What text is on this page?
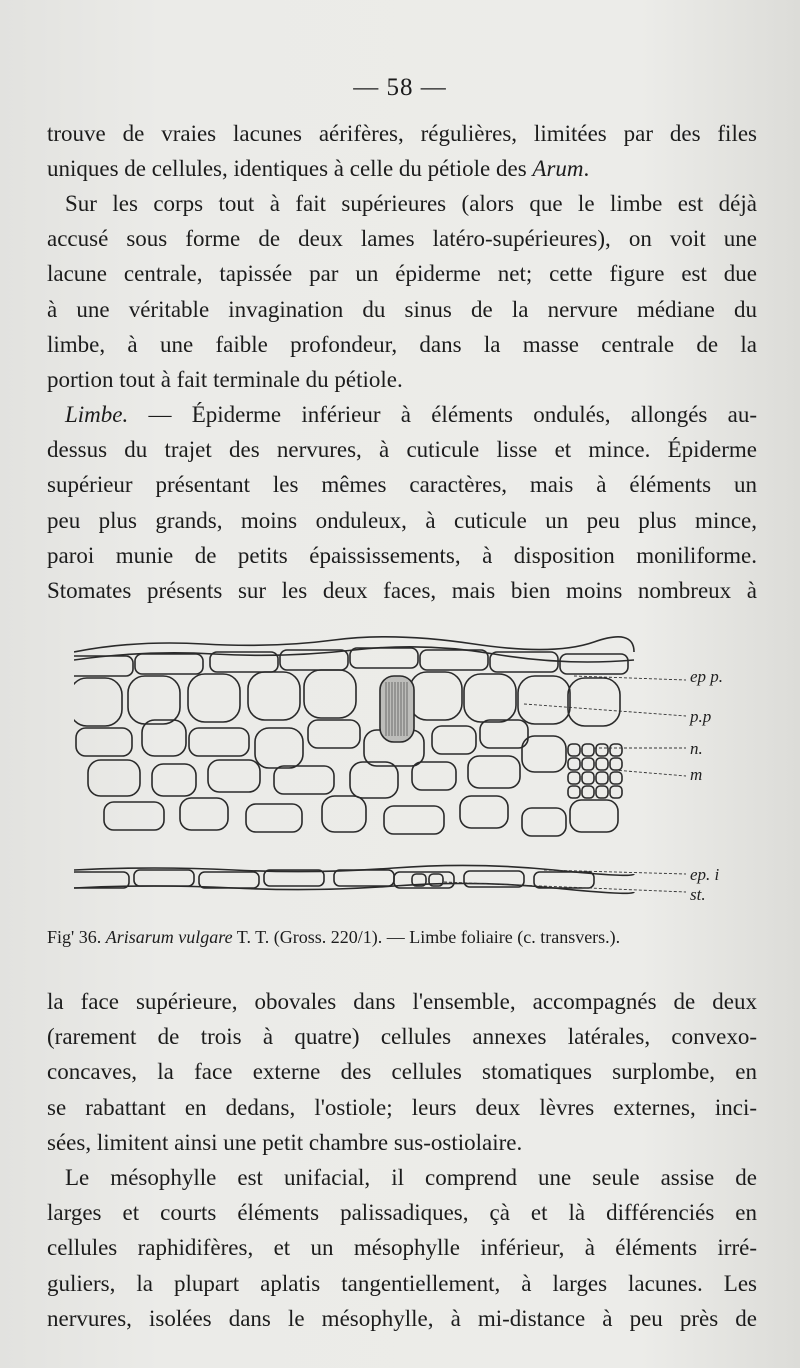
— 58 —
trouve de vraies lacunes aérifères, régulières, limitées par des files
uniques de cellules, identiques à celle du pétiole des Arum.
Sur les corps tout à fait supérieures (alors que le limbe est déjà
accusé sous forme de deux lames latéro-supérieures), on voit une
lacune centrale, tapissée par un épiderme net; cette figure est due
à une véritable invagination du sinus de la nervure médiane du
limbe, à une faible profondeur, dans la masse centrale de la
portion tout à fait terminale du pétiole.
Limbe. — Épiderme inférieur à éléments ondulés, allongés au-
dessus du trajet des nervures, à cuticule lisse et mince. Épiderme
supérieur présentant les mêmes caractères, mais à éléments un
peu plus grands, moins onduleux, à cuticule un peu plus mince,
paroi munie de petits épaississements, à disposition moniliforme.
Stomates présents sur les deux faces, mais bien moins nombreux à
ep p.
p.p
n.
m
ep. i
st.
Fig' 36. Arisarum vulgare T. T. (Gross. 220/1). — Limbe foliaire (c. transvers.).
la face supérieure, obovales dans l'ensemble, accompagnés de deux
(rarement de trois à quatre) cellules annexes latérales, convexo-
concaves, la face externe des cellules stomatiques surplombe, en
se rabattant en dedans, l'ostiole; leurs deux lèvres externes, inci-
sées, limitent ainsi une petit chambre sus-ostiolaire.
Le mésophylle est unifacial, il comprend une seule assise de
larges et courts éléments palissadiques, çà et là différenciés en
cellules raphidifères, et un mésophylle inférieur, à éléments irré-
guliers, la plupart aplatis tangentiellement, à larges lacunes. Les
nervures, isolées dans le mésophylle, à mi-distance à peu près de
